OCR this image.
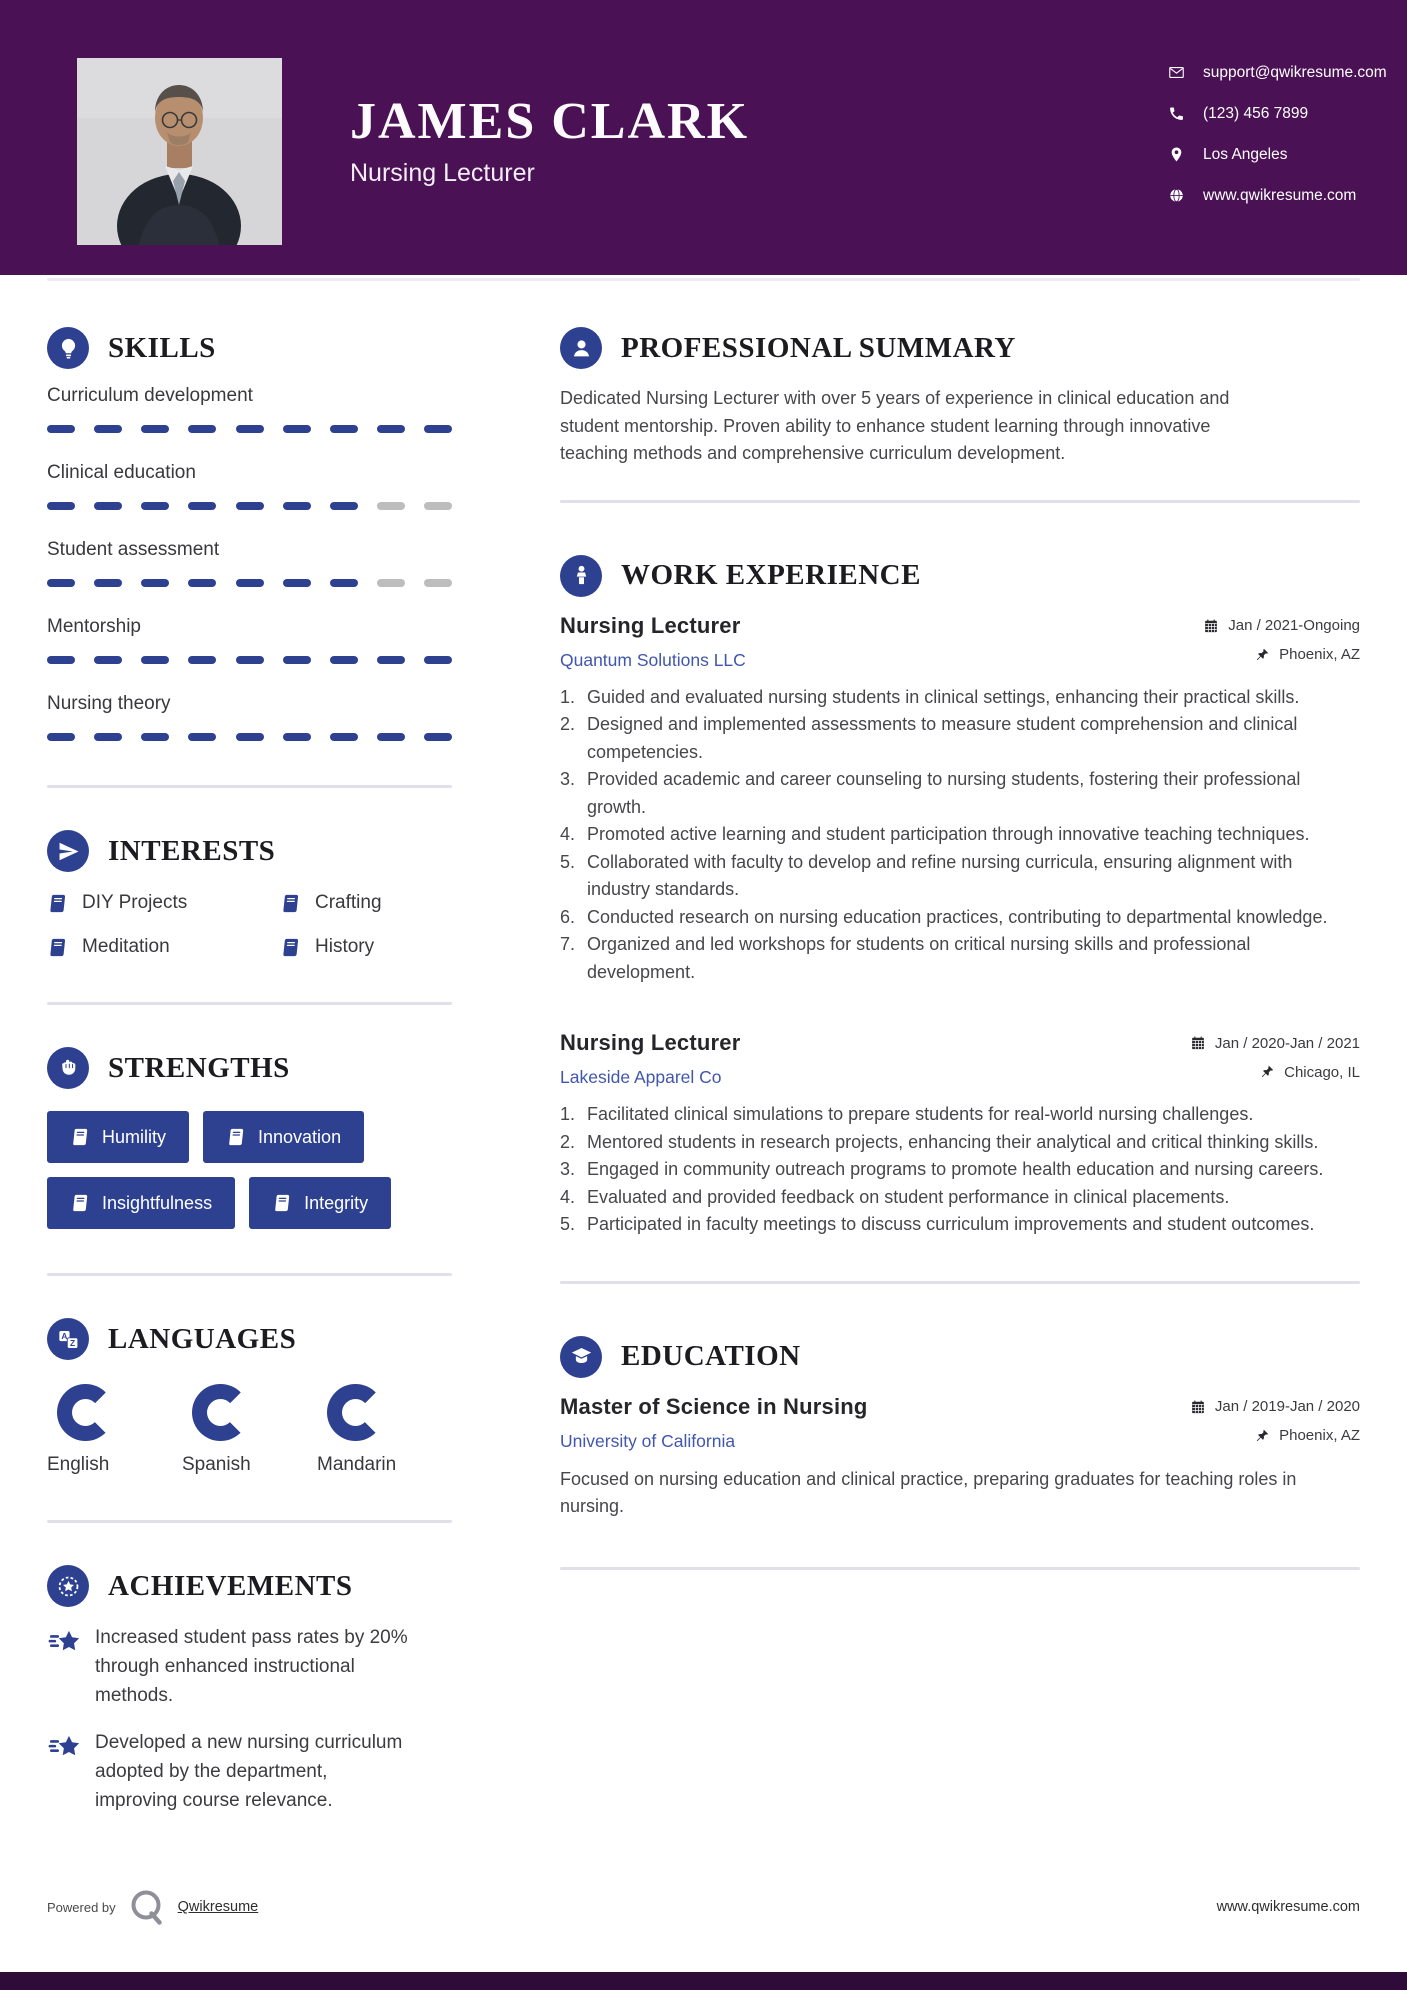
JAMES CLARK
Nursing Lecturer
support@qwikresume.com
(123) 456 7899
Los Angeles
www.qwikresume.com
SKILLS
Curriculum development
Clinical education
Student assessment
Mentorship
Nursing theory
INTERESTS
DIY Projects	Crafting
Meditation	History
STRENGTHS
Humility	Innovation
Insightfulness	Integrity
A
Z LANGUAGES
English	Spanish	Mandarin
ACHIEVEMENTS
Increased student pass rates by 20% through enhanced instructional methods.
Developed a new nursing curriculum adopted by the department, improving course relevance.
PROFESSIONAL SUMMARY

Dedicated Nursing Lecturer with over 5 years of experience in clinical education and student mentorship. Proven ability to enhance student learning through innovative teaching methods and comprehensive curriculum development.

WORK EXPERIENCE
Nursing Lecturer	Jan / 2021-Ongoing
Quantum Solutions LLC	Phoenix, AZ
Guided and evaluated nursing students in clinical settings, enhancing their practical skills.
Designed and implemented assessments to measure student comprehension and clinical competencies.
Provided academic and career counseling to nursing students, fostering their professional growth.
Promoted active learning and student participation through innovative teaching techniques.
Collaborated with faculty to develop and refine nursing curricula, ensuring alignment with industry standards.
Conducted research on nursing education practices, contributing to departmental knowledge.
Organized and led workshops for students on critical nursing skills and professional development.
Nursing Lecturer	Jan / 2020-Jan / 2021
Lakeside Apparel Co	Chicago, IL
Facilitated clinical simulations to prepare students for real-world nursing challenges.
Mentored students in research projects, enhancing their analytical and critical thinking skills.
Engaged in community outreach programs to promote health education and nursing careers.
Evaluated and provided feedback on student performance in clinical placements.
Participated in faculty meetings to discuss curriculum improvements and student outcomes.
EDUCATION
Master of Science in Nursing	Jan / 2019-Jan / 2020
University of California	Phoenix, AZ

Focused on nursing education and clinical practice, preparing graduates for teaching roles in nursing.

Powered by	Qwikresume	www.qwikresume.com
